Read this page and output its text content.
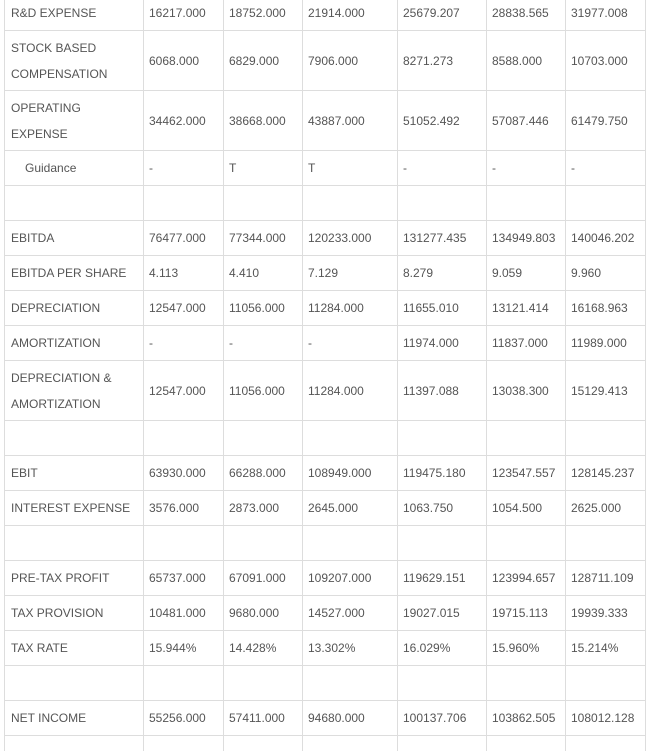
R&D EXPENSE	16217.000	18752.000	21914.000	25679.207	28838.565	31977.008
STOCK BASED COMPENSATION	6068.000	6829.000	7906.000	8271.273	8588.000	10703.000
OPERATING EXPENSE	34462.000	38668.000	43887.000	51052.492	57087.446	61479.750
Guidance	-	T	T	-	-	-

EBITDA	76477.000	77344.000	120233.000	131277.435	134949.803	140046.202
EBITDA PER SHARE	4.113	4.410	7.129	8.279	9.059	9.960
DEPRECIATION	12547.000	11056.000	11284.000	11655.010	13121.414	16168.963
AMORTIZATION	-	-	-	11974.000	11837.000	11989.000
DEPRECIATION & AMORTIZATION	12547.000	11056.000	11284.000	11397.088	13038.300	15129.413

EBIT	63930.000	66288.000	108949.000	119475.180	123547.557	128145.237
INTEREST EXPENSE	3576.000	2873.000	2645.000	1063.750	1054.500	2625.000

PRE-TAX PROFIT	65737.000	67091.000	109207.000	119629.151	123994.657	128711.109
TAX PROVISION	10481.000	9680.000	14527.000	19027.015	19715.113	19939.333
TAX RATE	15.944%	14.428%	13.302%	16.029%	15.960%	15.214%

NET INCOME	55256.000	57411.000	94680.000	100137.706	103862.505	108012.128
